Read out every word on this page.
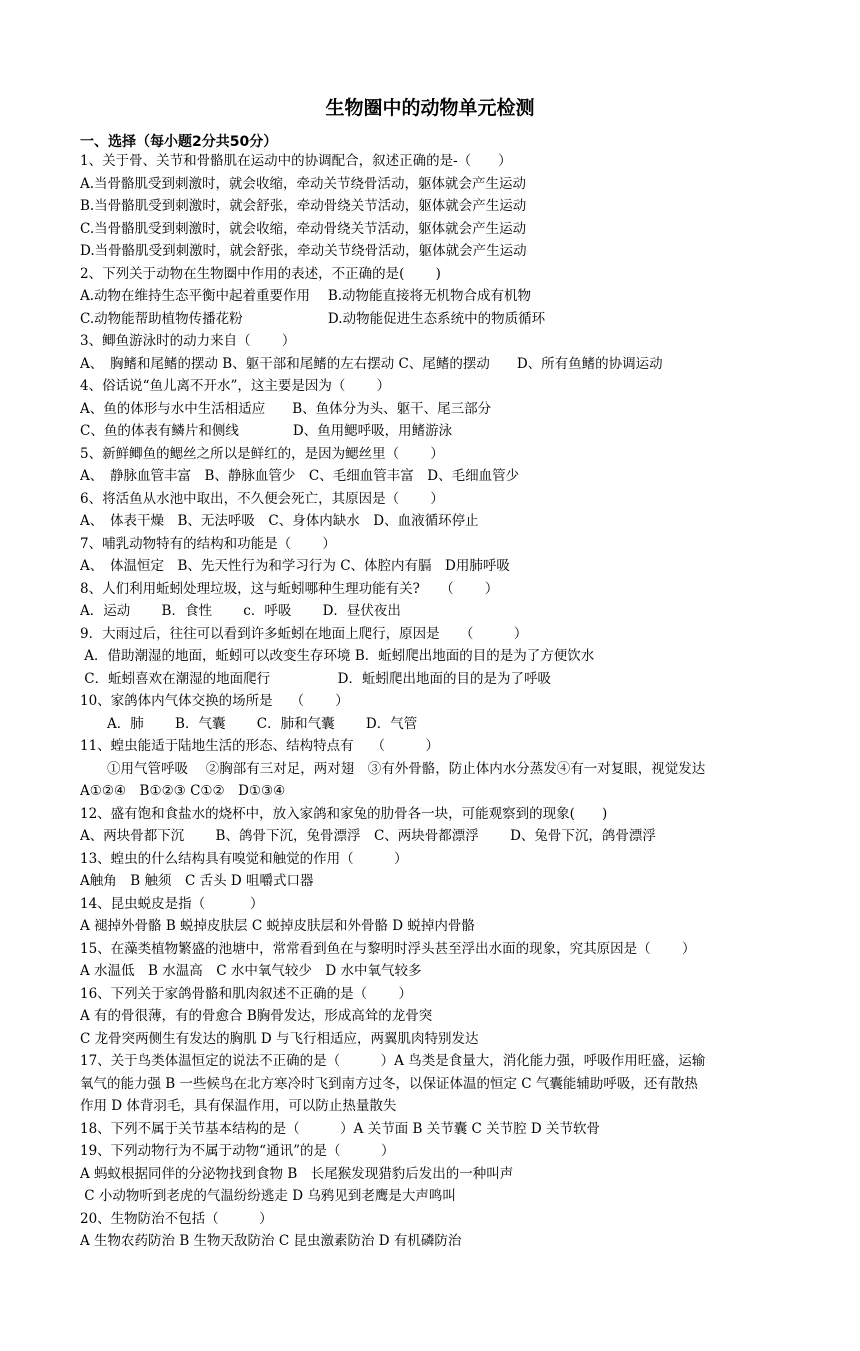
生物圈中的动物单元检测
一、选择（每小题2分共50分）
1、关于骨、关节和骨骼肌在运动中的协调配合，叙述正确的是-（　　）
A.当骨骼肌受到刺激时，就会收缩，牵动关节绕骨活动，躯体就会产生运动
B.当骨骼肌受到刺激时，就会舒张，牵动骨绕关节活动，躯体就会产生运动
C.当骨骼肌受到刺激时，就会收缩，牵动骨绕关节活动，躯体就会产生运动
D.当骨骼肌受到刺激时，就会舒张，牵动关节绕骨活动，躯体就会产生运动
2、下列关于动物在生物圈中作用的表述，不正确的是(　　 )
A.动物在维持生态平衡中起着重要作用　 B.动物能直接将无机物合成有机物
C.动物能帮助植物传播花粉　　　　　　 D.动物能促进生态系统中的物质循环
3、鲫鱼游泳时的动力来自（　　 ）
A、　胸鳍和尾鳍的摆动 B、躯干部和尾鳍的左右摆动 C、尾鳍的摆动　　D、所有鱼鳍的协调运动
4、俗话说“鱼儿离不开水”，这主要是因为（　　 ）
A、鱼的体形与水中生活相适应　　B、鱼体分为头、躯干、尾三部分
C、鱼的体表有鳞片和侧线　　　　D、鱼用鳃呼吸，用鳍游泳
5、新鲜鲫鱼的鳃丝之所以是鲜红的，是因为鳃丝里（　　 ）
A、　静脉血管丰富　B、静脉血管少　C、毛细血管丰富　D、毛细血管少
6、将活鱼从水池中取出，不久便会死亡，其原因是（　　 ）
A、　体表干燥　B、无法呼吸　C、身体内缺水　D、血液循环停止
7、哺乳动物特有的结构和功能是（　　 ）
A、　体温恒定　B、先天性行为和学习行为 C、体腔内有膈　D用肺呼吸
8、人们利用蚯蚓处理垃圾，这与蚯蚓哪种生理功能有关?　　（　　 ）
A．运动　　 B．食性　　 c．呼吸　　 D．昼伏夜出
9．大雨过后，往往可以看到许多蚯蚓在地面上爬行，原因是　　（　　　）
A．借助潮湿的地面，蚯蚓可以改变生存环境 B．蚯蚓爬出地面的目的是为了方便饮水
C．蚯蚓喜欢在潮湿的地面爬行　　　　　D．蚯蚓爬出地面的目的是为了呼吸
10、家鸽体内气体交换的场所是　 （　　 ）
　　A．肺　　 B．气囊　　 C．肺和气囊　　 D．气管
11、蝗虫能适于陆地生活的形态、结构特点有　 （　　　）
　　①用气管呼吸　 ②胸部有三对足，两对翅　③有外骨骼，防止体内水分蒸发④有一对复眼，视觉发达
A①②④　B①②③ C①②　D①③④
12、盛有饱和食盐水的烧杯中，放入家鸽和家兔的肋骨各一块，可能观察到的现象(　　)
A、两块骨都下沉　　 B、鸽骨下沉，兔骨漂浮　C、两块骨都漂浮　　 D、兔骨下沉，鸽骨漂浮
13、蝗虫的什么结构具有嗅觉和触觉的作用（　　　）
A触角　B 触须　C 舌头 D 咀嚼式口器
14、昆虫蜕皮是指（　　　 ）
A 褪掉外骨骼 B 蜕掉皮肤层 C 蜕掉皮肤层和外骨骼 D 蜕掉内骨骼
15、在藻类植物繁盛的池塘中，常常看到鱼在与黎明时浮头甚至浮出水面的现象，究其原因是（　　 ）
A 水温低　B 水温高　C 水中氧气较少　D 水中氧气较多
16、下列关于家鸽骨骼和肌肉叙述不正确的是（　　 ）
A 有的骨很薄，有的骨愈合 B胸骨发达，形成高耸的龙骨突
C 龙骨突两侧生有发达的胸肌 D 与飞行相适应，两翼肌肉特别发达
17、关于鸟类体温恒定的说法不正确的是（　　　）A 鸟类是食量大，消化能力强，呼吸作用旺盛，运输
氧气的能力强 B 一些候鸟在北方寒冷时飞到南方过冬，以保证体温的恒定 C 气囊能辅助呼吸，还有散热
作用 D 体背羽毛，具有保温作用，可以防止热量散失
18、下列不属于关节基本结构的是（　　　）A 关节面 B 关节囊 C 关节腔 D 关节软骨
19、下列动物行为不属于动物“通讯”的是（　　　）
A 蚂蚁根据同伴的分泌物找到食物 B　长尾猴发现猎豹后发出的一种叫声
C 小动物听到老虎的气温纷纷逃走 D 乌鸦见到老鹰是大声鸣叫
20、生物防治不包括（　　　）
A 生物农药防治 B 生物天敌防治 C 昆虫激素防治 D 有机磷防治
